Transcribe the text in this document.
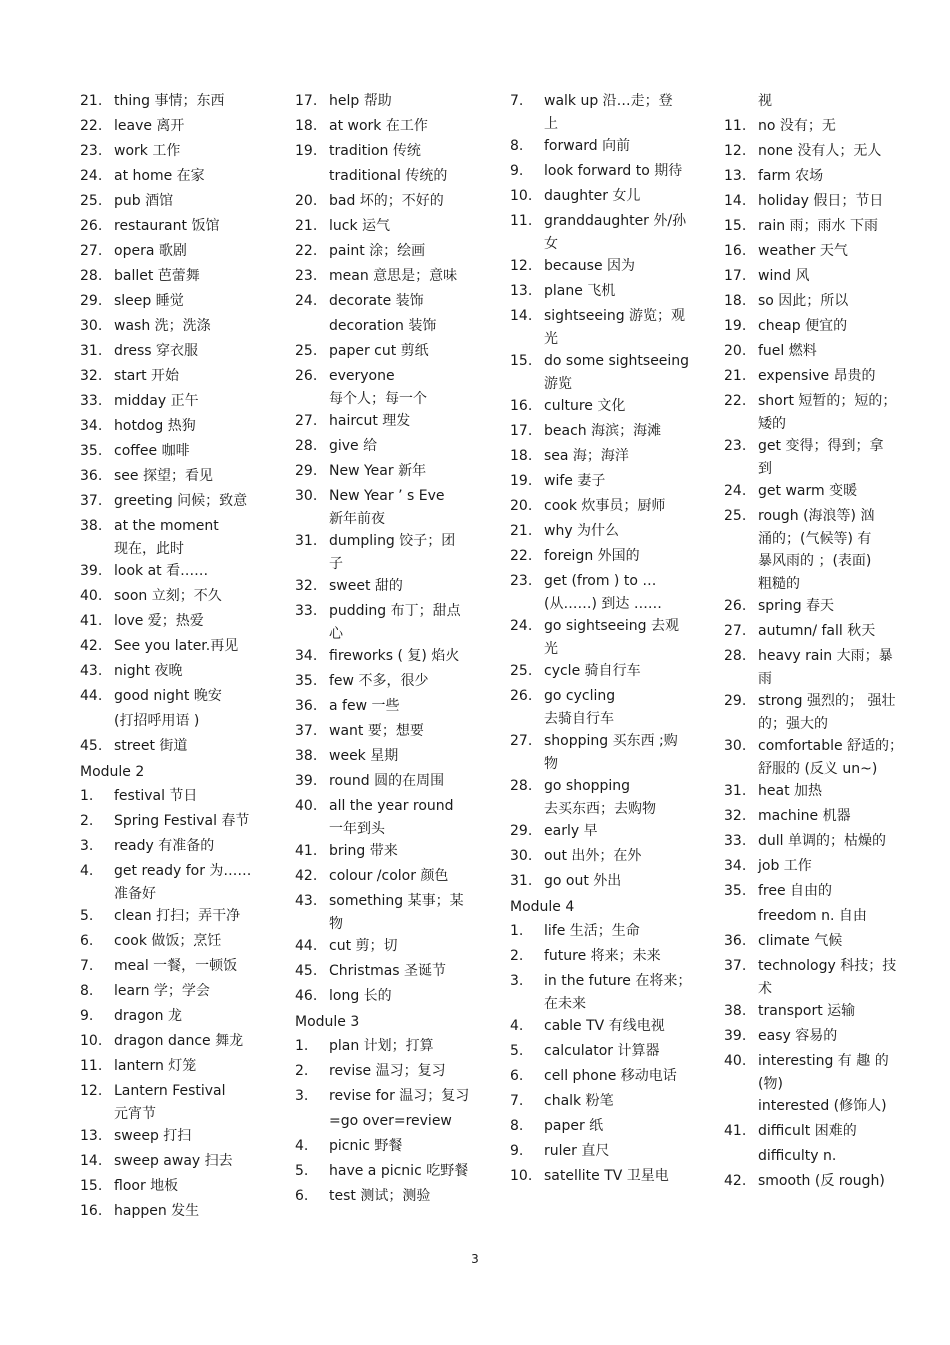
21. thing 事情；东西
22. leave 离开
23. work 工作
24. at home 在家
25. pub 酒馆
26. restaurant 饭馆
27. opera 歌剧
28. ballet 芭蕾舞
29. sleep 睡觉
30. wash 洗；洗涤
31. dress 穿衣服
32. start 开始
33. midday 正午
34. hotdog 热狗
35. coffee 咖啡
36. see 探望；看见
37. greeting 问候；致意
38. at the moment
现在，此时
39. look at 看……
40. soon 立刻；不久
41. love 爱；热爱
42. See you later.再见
43. night 夜晚
44. good night 晚安
(打招呼用语 )
45. street 街道
Module 2
1.	festival 节日
2.	Spring Festival 春节
3.	ready 有准备的
4.	get ready for 为……
准备好
5.	clean 打扫；弄干净
6.	cook 做饭；烹饪
7.	meal 一餐，一顿饭
8.	learn 学；学会
9.	dragon 龙
10. dragon dance 舞龙
11. lantern 灯笼
12. Lantern Festival
元宵节
13. sweep 打扫
14. sweep away 扫去
15. floor 地板
16. happen 发生
17. help 帮助
18. at work 在工作
19. tradition 传统
traditional 传统的
20. bad 坏的；不好的
21. luck 运气
22. paint 涂；绘画
23. mean 意思是；意味
24. decorate 装饰
decoration 装饰
25. paper cut 剪纸
26. everyone
每个人；每一个
27. haircut 理发
28. give 给
29. New Year 新年
30. New Year ’ s Eve
新年前夜
31. dumpling 饺子；团
子
32. sweet 甜的
33. pudding 布丁；甜点
心
34. fireworks ( 复) 焰火
35. few 不多，很少
36. a few 一些
37. want 要；想要
38. week 星期
39. round 圆的在周围
40. all the year round
一年到头
41. bring 带来
42. colour /color 颜色
43. something 某事；某
物
44. cut 剪；切
45. Christmas 圣诞节
46. long 长的
Module 3
1.	plan 计划；打算
2.	revise 温习；复习
3.	revise for 温习；复习
=go over=review
4.	picnic 野餐
5.	have a picnic 吃野餐
6.	test 测试；测验
7.	walk up 沿…走；登
上
8.	forward 向前
9.	look forward to 期待
10. daughter 女儿
11. granddaughter 外/孙
女
12. because 因为
13. plane 飞机
14. sightseeing 游览；观
光
15. do some sightseeing
游览
16. culture 文化
17. beach 海滨；海滩
18. sea 海；海洋
19. wife 妻子
20. cook 炊事员；厨师
21. why 为什么
22. foreign 外国的
23. get (from ) to …
(从……) 到达 ……
24. go sightseeing 去观
光
25. cycle 骑自行车
26. go cycling
去骑自行车
27. shopping 买东西 ;购
物
28. go shopping
去买东西；去购物
29. early 早
30. out 出外；在外
31. go out 外出
Module 4
1.	life 生活；生命
2.	future 将来；未来
3.	in the future 在将来；
在未来
4.	cable TV 有线电视
5.	calculator 计算器
6.	cell phone 移动电话
7.	chalk 粉笔
8.	paper 纸
9.	ruler 直尺
10. satellite TV 卫星电
视
11. no 没有；无
12. none 没有人；无人
13. farm 农场
14. holiday 假日；节日
15. rain 雨；雨水 下雨
16. weather 天气
17. wind 风
18. so 因此；所以
19. cheap 便宜的
20. fuel 燃料
21. expensive 昂贵的
22. short 短暂的；短的；
矮的
23. get 变得；得到；拿
到
24. get warm 变暖
25. rough (海浪等) 汹
涌的；(气候等) 有
暴风雨的 ；(表面)
粗糙的
26. spring 春天
27. autumn/ fall 秋天
28. heavy rain 大雨；暴
雨
29. strong 强烈的； 强壮
的；强大的
30. comfortable 舒适的；
舒服的 (反义 un~)
31. heat 加热
32. machine 机器
33. dull 单调的；枯燥的
34. job 工作
35. free 自由的
freedom n. 自由
36. climate 气候
37. technology 科技；技
术
38. transport 运输
39. easy 容易的
40. interesting 有 趣 的
(物)
interested (修饰人)
41. difficult 困难的
difficulty n.
42. smooth (反 rough)
3
